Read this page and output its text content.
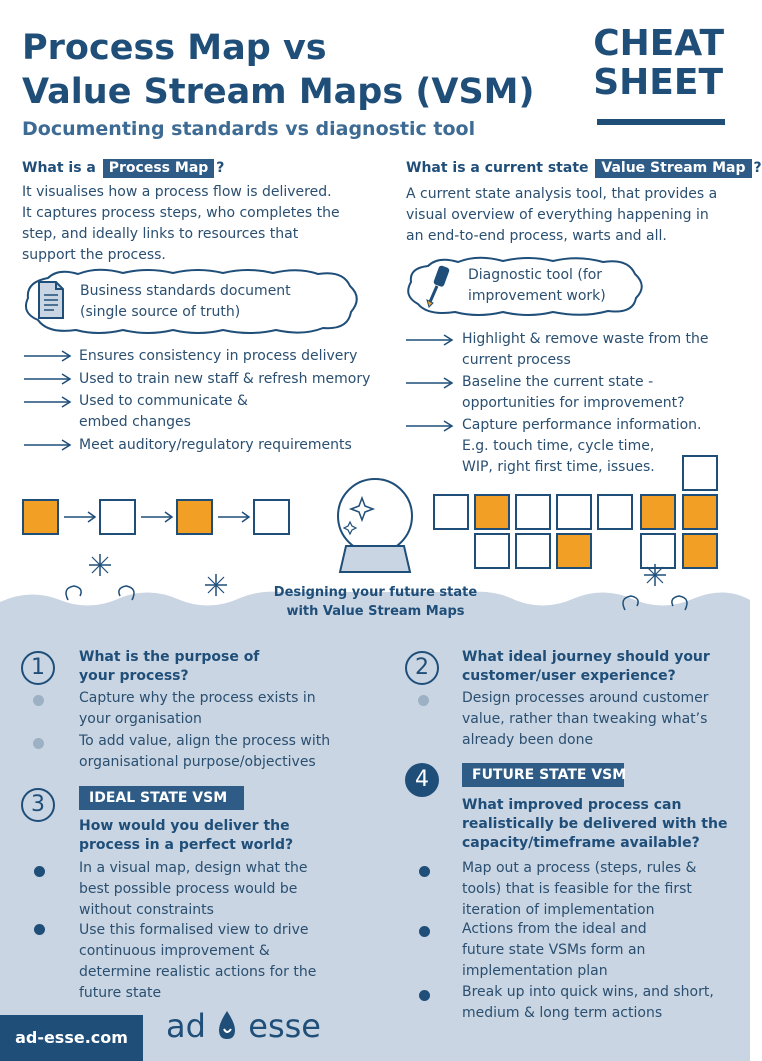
Process Map vs
Value Stream Maps (VSM)
Documenting standards vs diagnostic tool
CHEAT
SHEET
What is a Process Map ?
It visualises how a process flow is delivered.
It captures process steps, who completes the
step, and ideally links to resources that
support the process.
Business standards document
(single source of truth)
Ensures consistency in process delivery
Used to train new staff & refresh memory
Used to communicate &
embed changes
Meet auditory/regulatory requirements
What is a current state Value Stream Map ?
A current state analysis tool, that provides a
visual overview of everything happening in
an end-to-end process, warts and all.
Diagnostic tool (for
improvement work)
Highlight & remove waste from the
current process
Baseline the current state -
opportunities for improvement?
Capture performance information.
E.g. touch time, cycle time,
WIP, right first time, issues.
Designing your future state
with Value Stream Maps
1	What is the purpose of
your process?
Capture why the process exists in
your organisation
To add value, align the process with
organisational purpose/objectives
2	What ideal journey should your
customer/user experience?
Design processes around customer
value, rather than tweaking what’s
already been done
3	IDEAL STATE VSM
How would you deliver the
process in a perfect world?
In a visual map, design what the
best possible process would be
without constraints
Use this formalised view to drive
continuous improvement &
determine realistic actions for the
future state
4	FUTURE STATE VSM
What improved process can
realistically be delivered with the
capacity/timeframe available?
Map out a process (steps, rules &
tools) that is feasible for the first
iteration of implementation
Actions from the ideal and
future state VSMs form an
implementation plan
Break up into quick wins, and short,
medium & long term actions
ad-esse.com	ad esse
